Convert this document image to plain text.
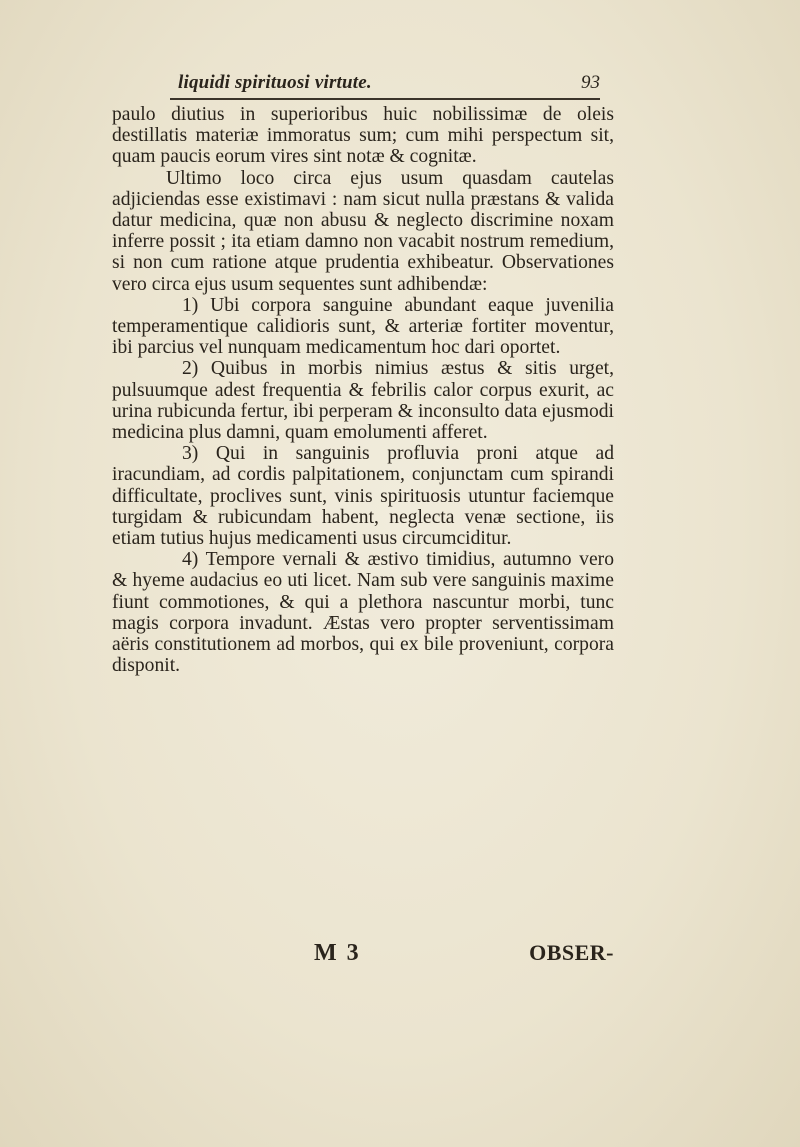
liquidi spirituosi virtute.	93

paulo diutius in superioribus huic nobilissimæ de oleis destillatis materiæ immoratus sum; cum mihi perspectum sit, quam paucis eorum vires sint notæ & cognitæ.

Ultimo loco circa ejus usum quasdam cautelas adjiciendas esse existimavi : nam sicut nulla præstans & valida datur medicina, quæ non abusu & neglecto discrimine noxam inferre possit ; ita etiam damno non vacabit nostrum remedium, si non cum ratione atque prudentia exhibeatur. Observationes vero circa ejus usum sequentes sunt adhibendæ:

1) Ubi corpora sanguine abundant eaque juvenilia temperamentique calidioris sunt, & arteriæ fortiter moventur, ibi parcius vel nunquam medicamentum hoc dari oportet.

2) Quibus in morbis nimius æstus & sitis urget, pulsuumque adest frequentia & febrilis calor corpus exurit, ac urina rubicunda fertur, ibi perperam & inconsulto data ejusmodi medicina plus damni, quam emolumenti afferet.

3) Qui in sanguinis profluvia proni atque ad iracundiam, ad cordis palpitationem, conjunctam cum spirandi difficultate, proclives sunt, vinis spirituosis utuntur faciemque turgidam & rubicundam habent, neglecta venæ sectione, iis etiam tutius hujus medicamenti usus circumciditur.

4) Tempore vernali & æstivo timidius, autumno vero & hyeme audacius eo uti licet. Nam sub vere sanguinis maxime fiunt commotiones, & qui a plethora nascuntur morbi, tunc magis corpora invadunt. Æstas vero propter serventissimam aëris constitutionem ad morbos, qui ex bile proveniunt, corpora disponit.

M 3	OBSER-
